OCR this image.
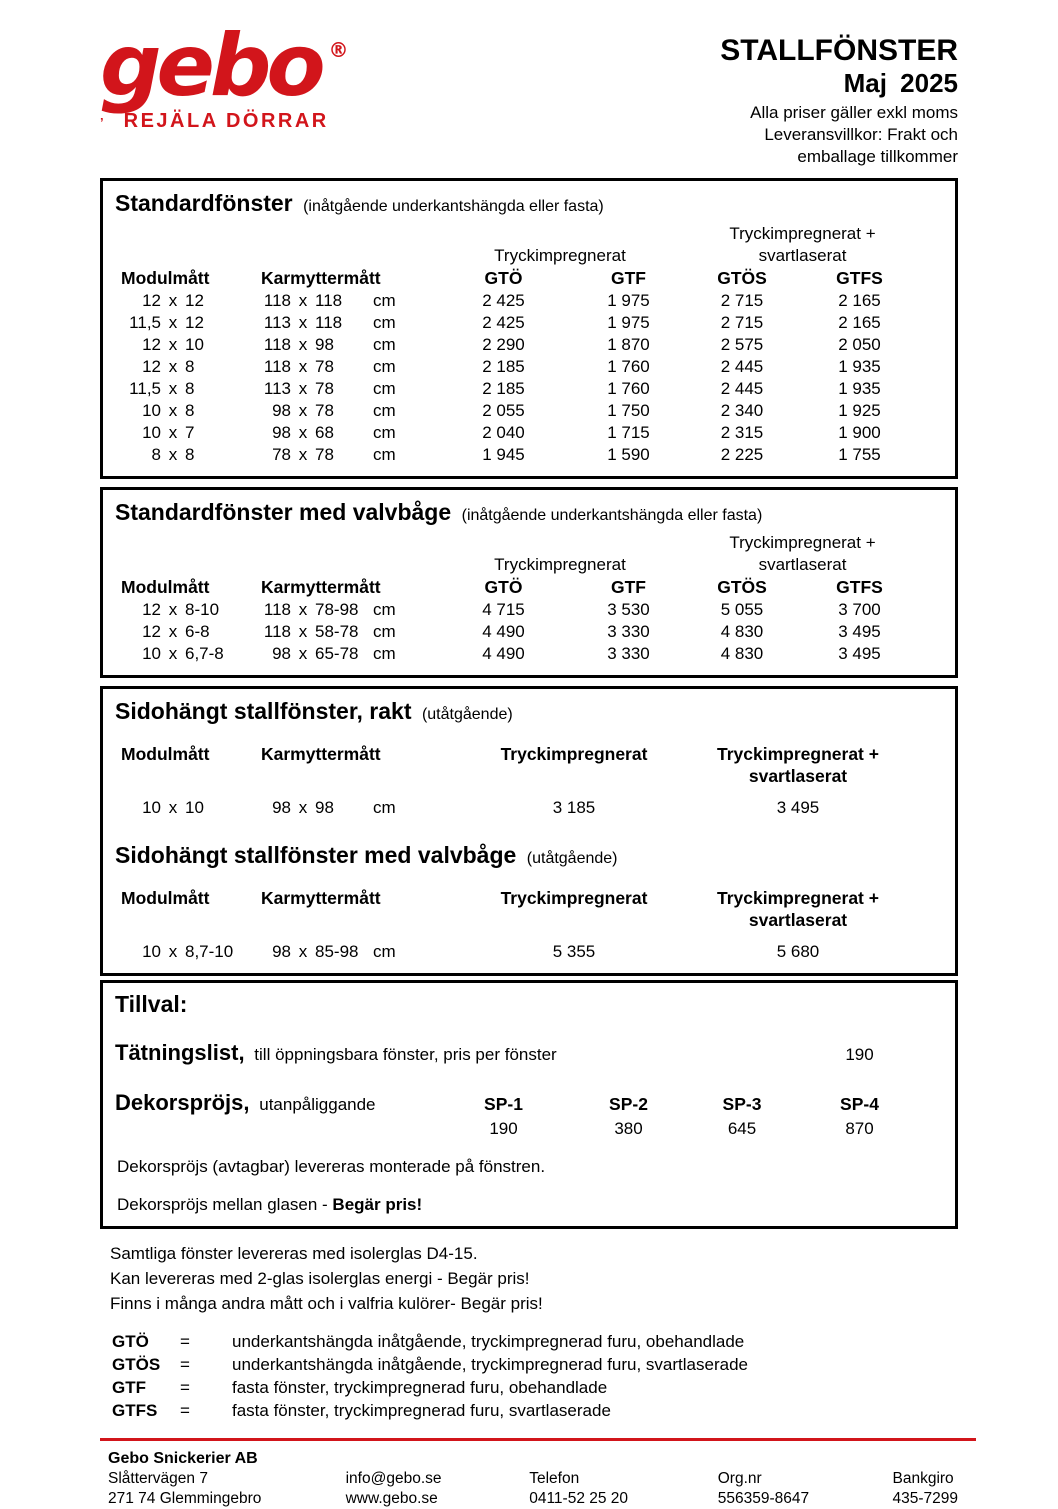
gebo ®
’ REJÄLA DÖRRAR
STALLFÖNSTER
Maj 2025
Alla priser gäller exkl moms
Leveransvillkor: Frakt och
emballage tillkommer
Standardfönster (inåtgående underkantshängda eller fasta)
Tryckimpregnerat
Tryckimpregnerat +
svartlaserat
Modulmått	Karmyttermått	GTÖ	GTF	GTÖS	GTFS
12 x 12	118 x 118	cm	2 425	1 975	2 715	2 165
11,5 x 12	113 x 118	cm	2 425	1 975	2 715	2 165
12 x 10	118 x 98	cm	2 290	1 870	2 575	2 050
12 x 8	118 x 78	cm	2 185	1 760	2 445	1 935
11,5 x 8	113 x 78	cm	2 185	1 760	2 445	1 935
10 x 8	98 x 78	cm	2 055	1 750	2 340	1 925
10 x 7	98 x 68	cm	2 040	1 715	2 315	1 900
8 x 8	78 x 78	cm	1 945	1 590	2 225	1 755
Standardfönster med valvbåge (inåtgående underkantshängda eller fasta)
Tryckimpregnerat
Tryckimpregnerat +
svartlaserat
Modulmått	Karmyttermått	GTÖ	GTF	GTÖS	GTFS
12 x 8-10	118 x 78-98 cm	4 715	3 530	5 055	3 700
12 x 6-8	118 x 58-78 cm	4 490	3 330	4 830	3 495
10 x 6,7-8	98 x 65-78 cm	4 490	3 330	4 830	3 495
Sidohängt stallfönster, rakt (utåtgående)
Modulmått	Karmyttermått	Tryckimpregnerat	Tryckimpregnerat +
svartlaserat
10 x 10	98 x 98	cm	3 185	3 495
Sidohängt stallfönster med valvbåge (utåtgående)
Modulmått	Karmyttermått	Tryckimpregnerat	Tryckimpregnerat +
svartlaserat
10 x 8,7-10	98 x 85-98 cm	5 355	5 680
Tillval:
Tätningslist, till öppningsbara fönster, pris per fönster	190
Dekorspröjs, utanpåliggande	SP-1	SP-2	SP-3	SP-4
190	380	645	870
Dekorspröjs (avtagbar) levereras monterade på fönstren.
Dekorspröjs mellan glasen - Begär pris!
Samtliga fönster levereras med isolerglas D4-15.
Kan levereras med 2-glas isolerglas energi - Begär pris!
Finns i många andra mått och i valfria kulörer- Begär pris!
GTÖ	=	underkantshängda inåtgående, tryckimpregnerad furu, obehandlade
GTÖS	=	underkantshängda inåtgående, tryckimpregnerad furu, svartlaserade
GTF	=	fasta fönster, tryckimpregnerad furu, obehandlade
GTFS	=	fasta fönster, tryckimpregnerad furu, svartlaserade
Gebo Snickerier AB
Slåttervägen 7
271 74 Glemmingebro
info@gebo.se
www.gebo.se
Telefon
0411-52 25 20
Org.nr
556359-8647
Bankgiro
435-7299
